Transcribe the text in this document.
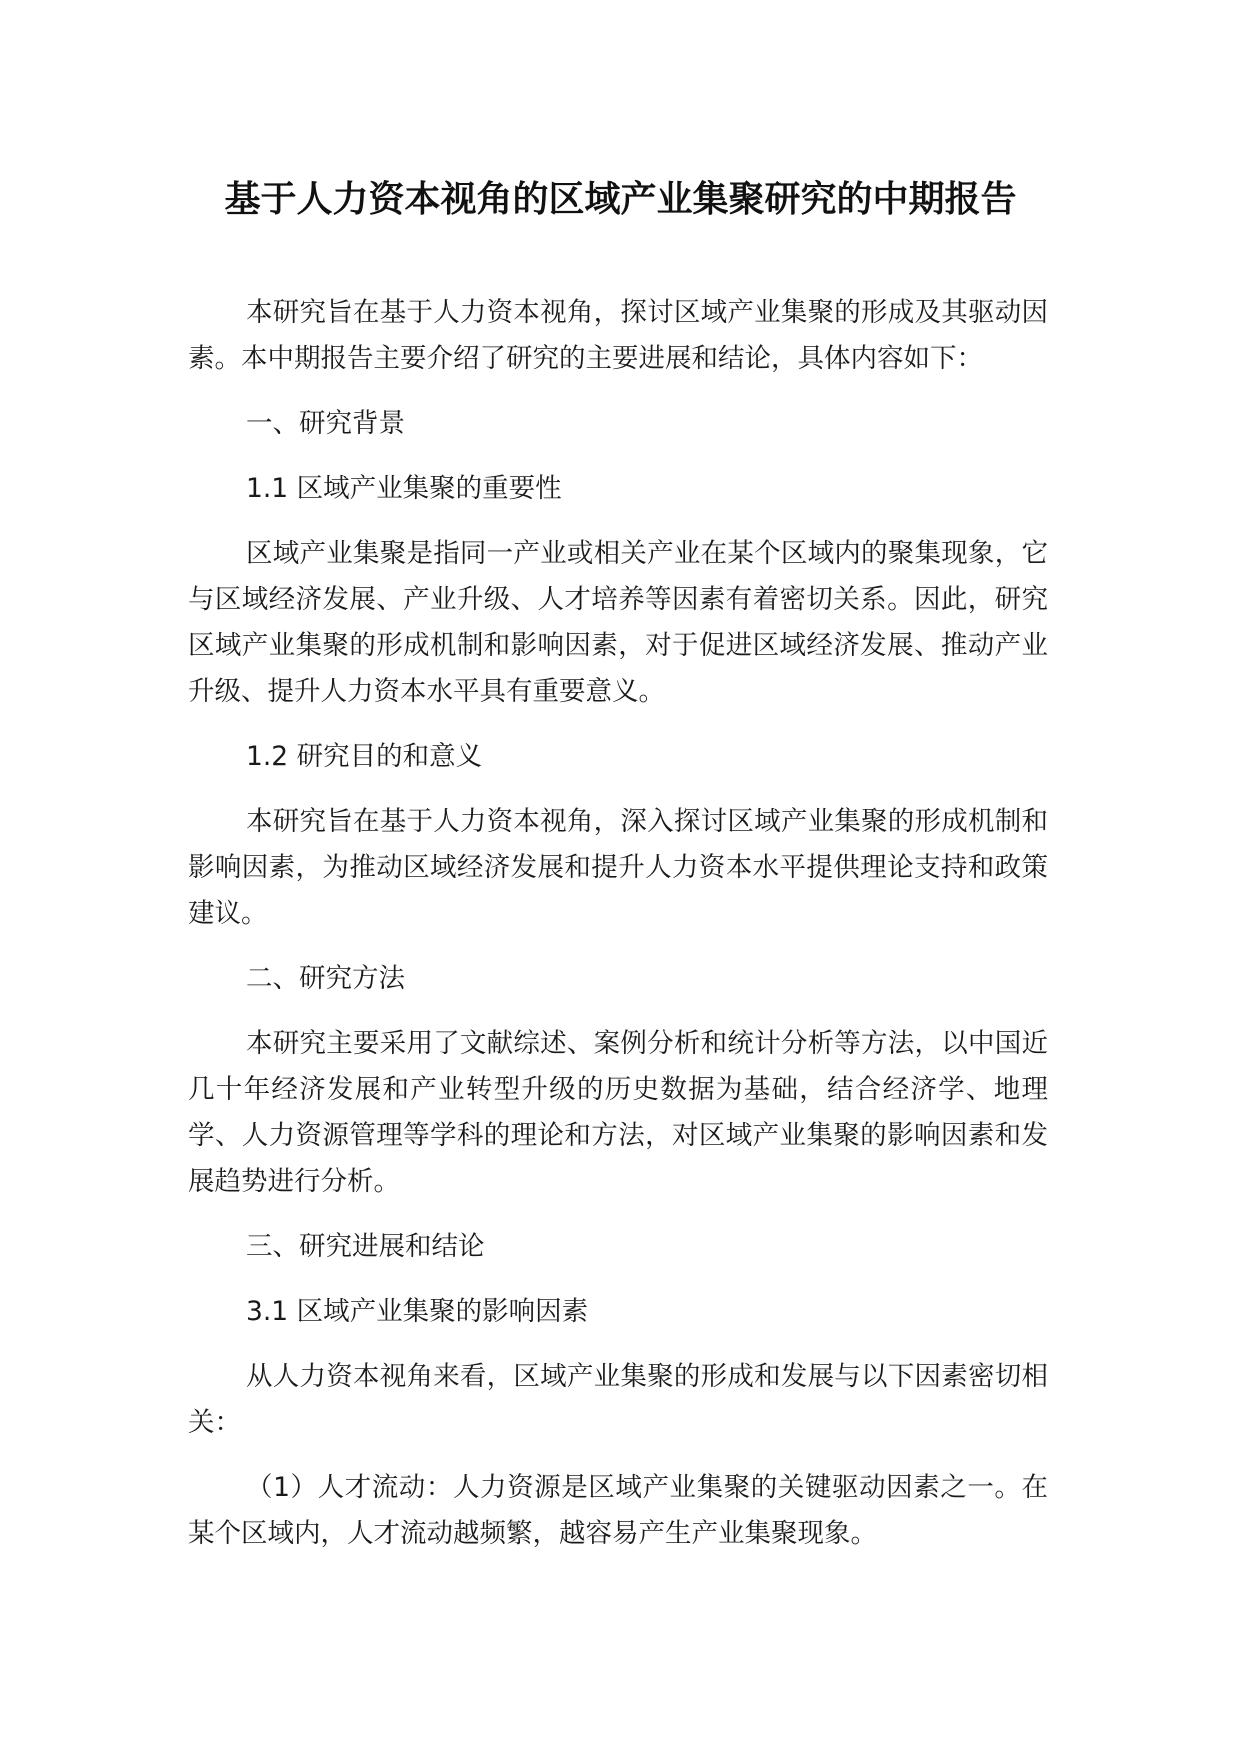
基于人力资本视角的区域产业集聚研究的中期报告

本研究旨在基于人力资本视角，探讨区域产业集聚的形成及其驱动因素。本中期报告主要介绍了研究的主要进展和结论，具体内容如下：

一、研究背景

1.1 区域产业集聚的重要性

区域产业集聚是指同一产业或相关产业在某个区域内的聚集现象，它与区域经济发展、产业升级、人才培养等因素有着密切关系。因此，研究区域产业集聚的形成机制和影响因素，对于促进区域经济发展、推动产业升级、提升人力资本水平具有重要意义。

1.2 研究目的和意义

本研究旨在基于人力资本视角，深入探讨区域产业集聚的形成机制和影响因素，为推动区域经济发展和提升人力资本水平提供理论支持和政策建议。

二、研究方法

本研究主要采用了文献综述、案例分析和统计分析等方法，以中国近几十年经济发展和产业转型升级的历史数据为基础，结合经济学、地理学、人力资源管理等学科的理论和方法，对区域产业集聚的影响因素和发展趋势进行分析。

三、研究进展和结论

3.1 区域产业集聚的影响因素

从人力资本视角来看，区域产业集聚的形成和发展与以下因素密切相关：

（1）人才流动：人力资源是区域产业集聚的关键驱动因素之一。在某个区域内，人才流动越频繁，越容易产生产业集聚现象。
